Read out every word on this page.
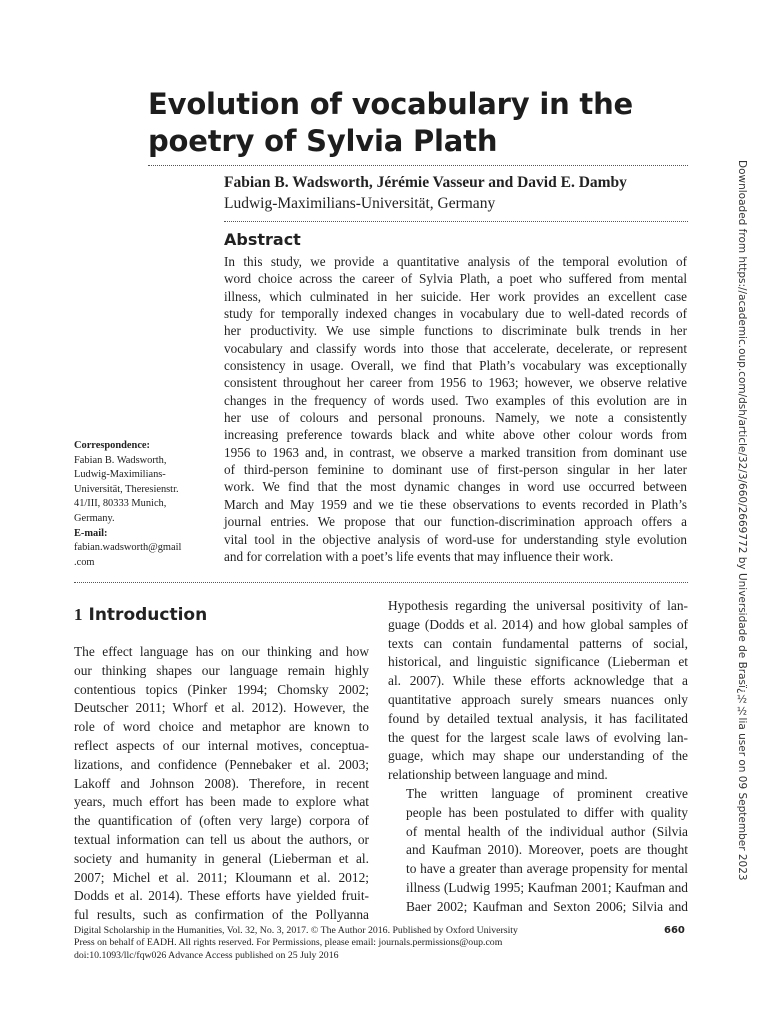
Evolution of vocabulary in the
poetry of Sylvia Plath
Fabian B. Wadsworth, Jérémie Vasseur and David E. Damby
Ludwig-Maximilians-Universität, Germany
Abstract
In this study, we provide a quantitative analysis of the temporal evolution of
word choice across the career of Sylvia Plath, a poet who suffered from mental
illness, which culminated in her suicide. Her work provides an excellent case
study for temporally indexed changes in vocabulary due to well-dated records of
her productivity. We use simple functions to discriminate bulk trends in her
vocabulary and classify words into those that accelerate, decelerate, or represent
consistency in usage. Overall, we find that Plath’s vocabulary was exceptionally
consistent throughout her career from 1956 to 1963; however, we observe relative
changes in the frequency of words used. Two examples of this evolution are in
her use of colours and personal pronouns. Namely, we note a consistently
increasing preference towards black and white above other colour words from
1956 to 1963 and, in contrast, we observe a marked transition from dominant use
of third-person feminine to dominant use of first-person singular in her later
work. We find that the most dynamic changes in word use occurred between
March and May 1959 and we tie these observations to events recorded in Plath’s
journal entries. We propose that our function-discrimination approach offers a
vital tool in the objective analysis of word-use for understanding style evolution
and for correlation with a poet’s life events that may influence their work.
Correspondence:
Fabian B. Wadsworth,
Ludwig-Maximilians-
Universität, Theresienstr.
41/III, 80333 Munich,
Germany.
E-mail:
fabian.wadsworth@gmail
.com
1 Introduction
The effect language has on our thinking and how
our thinking shapes our language remain highly
contentious topics (Pinker 1994; Chomsky 2002;
Deutscher 2011; Whorf et al. 2012). However, the
role of word choice and metaphor are known to
reflect aspects of our internal motives, conceptua-
lizations, and confidence (Pennebaker et al. 2003;
Lakoff and Johnson 2008). Therefore, in recent
years, much effort has been made to explore what
the quantification of (often very large) corpora of
textual information can tell us about the authors, or
society and humanity in general (Lieberman et al.
2007; Michel et al. 2011; Kloumann et al. 2012;
Dodds et al. 2014). These efforts have yielded fruit-
ful results, such as confirmation of the Pollyanna

Hypothesis regarding the universal positivity of lan-
guage (Dodds et al. 2014) and how global samples of
texts can contain fundamental patterns of social,
historical, and linguistic significance (Lieberman et
al. 2007). While these efforts acknowledge that a
quantitative approach surely smears nuances only
found by detailed textual analysis, it has facilitated
the quest for the largest scale laws of evolving lan-
guage, which may shape our understanding of the
relationship between language and mind.

The written language of prominent creative
people has been postulated to differ with quality
of mental health of the individual author (Silvia
and Kaufman 2010). Moreover, poets are thought
to have a greater than average propensity for mental
illness (Ludwig 1995; Kaufman 2001; Kaufman and
Baer 2002; Kaufman and Sexton 2006; Silvia and

Digital Scholarship in the Humanities, Vol. 32, No. 3, 2017. © The Author 2016. Published by Oxford University
Press on behalf of EADH. All rights reserved. For Permissions, please email: journals.permissions@oup.com
doi:10.1093/llc/fqw026 Advance Access published on 25 July 2016
660
Downloaded from https://academic.oup.com/dsh/article/32/3/660/2669772 by Universidade de Brasï¿½½lia user on 09 September 2023
